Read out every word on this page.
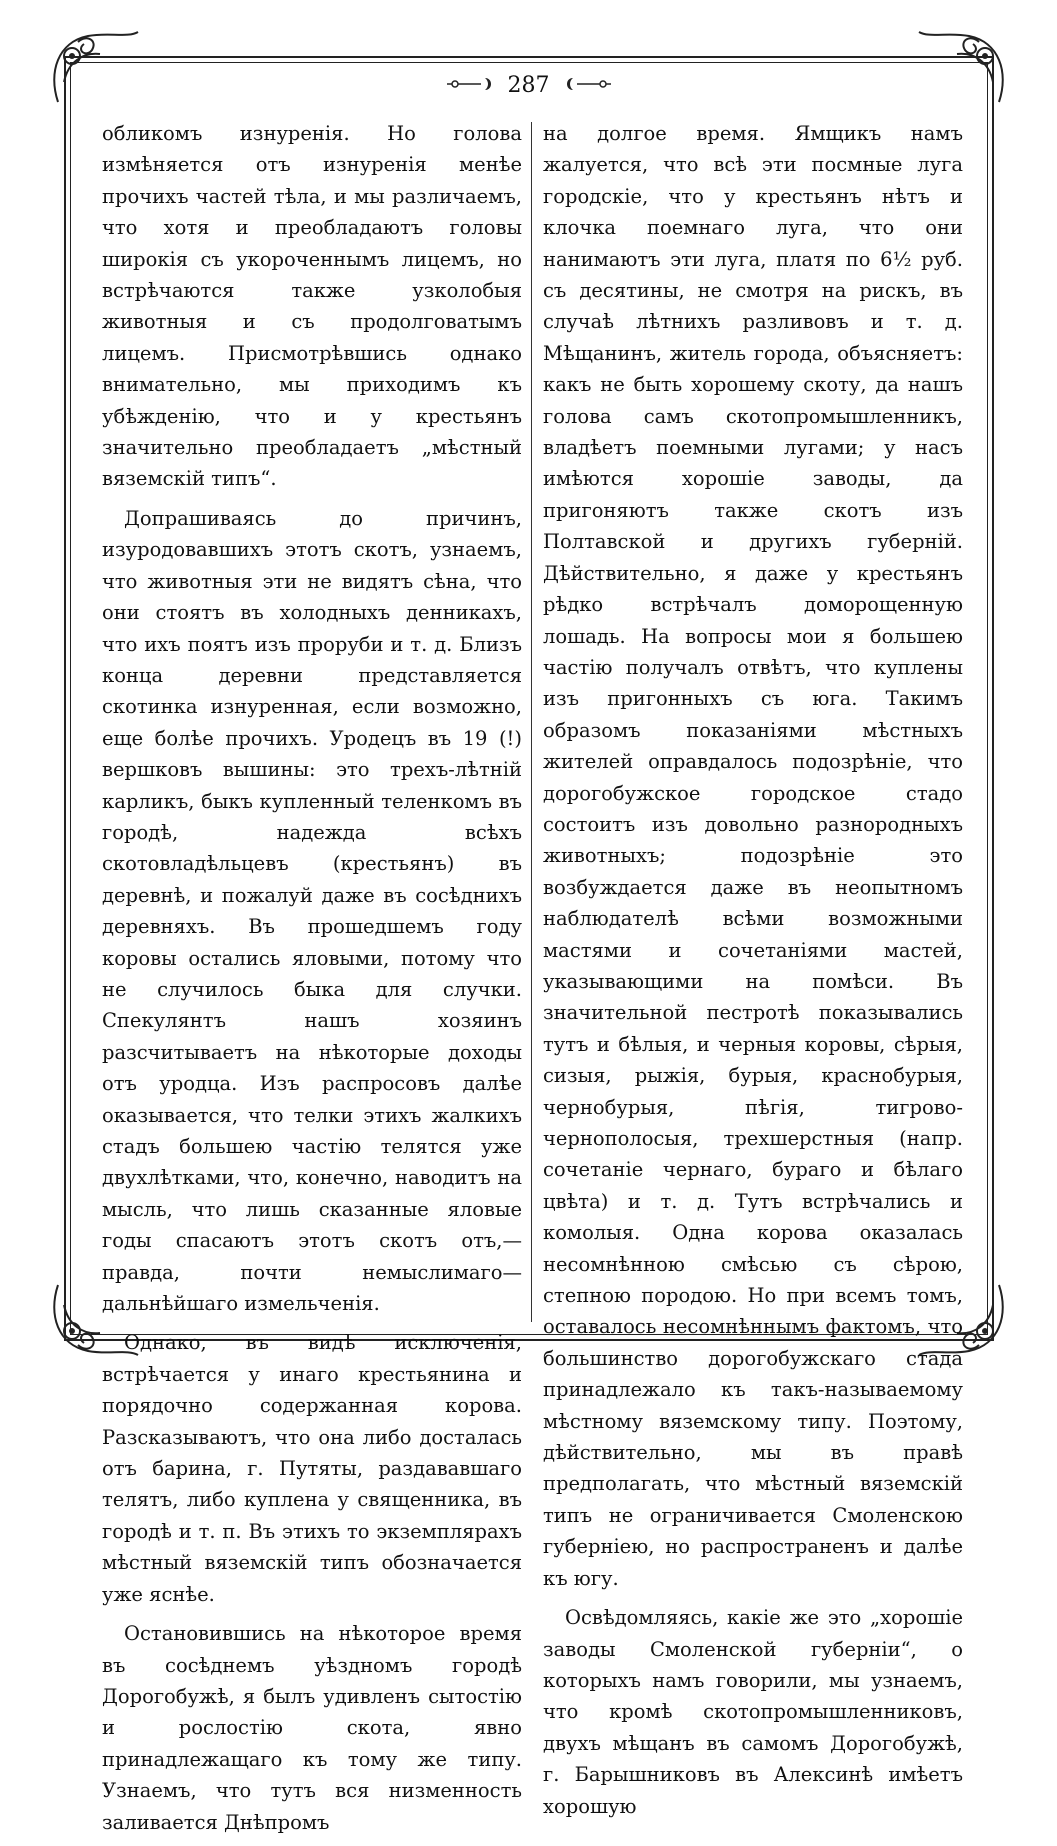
287

обликомъ изнуренія. Но голова измѣняется отъ изнуренія менѣе прочихъ частей тѣла, и мы различаемъ, что хотя и преобладаютъ головы широкія съ укороченнымъ лицемъ, но встрѣчаются также узколобыя животныя и съ продолговатымъ лицемъ. Присмотрѣвшись однако внимательно, мы приходимъ къ убѣжденію, что и у крестьянъ значительно преобладаетъ „мѣстный вяземскій типъ“.

Допрашиваясь до причинъ, изуродовавшихъ этотъ скотъ, узнаемъ, что животныя эти не видятъ сѣна, что они стоятъ въ холодныхъ денникахъ, что ихъ поятъ изъ проруби и т. д. Близъ конца деревни представляется скотинка изнуренная, если возможно, еще болѣе прочихъ. Уродецъ въ 19 (!) вершковъ вышины: это трехъ-лѣтній карликъ, быкъ купленный теленкомъ въ городѣ, надежда всѣхъ скотовладѣльцевъ (крестьянъ) въ деревнѣ, и пожалуй даже въ сосѣднихъ деревняхъ. Въ прошедшемъ году коровы остались яловыми, потому что не случилось быка для случки. Спекулянтъ нашъ хозяинъ разсчитываетъ на нѣкоторые доходы отъ уродца. Изъ распросовъ далѣе оказывается, что телки этихъ жалкихъ стадъ большею частію телятся уже двухлѣтками, что, конечно, наводитъ на мысль, что лишь сказанные яловые годы спасаютъ этотъ скотъ отъ,—правда, почти немыслимаго—дальнѣйшаго измельченія.

Однако, въ видѣ исключенія, встрѣчается у инаго крестьянина и порядочно содержанная корова. Разсказываютъ, что она либо досталась отъ барина, г. Путяты, раздававшаго телятъ, либо куплена у священника, въ городѣ и т. п. Въ этихъ то экземплярахъ мѣстный вяземскій типъ обозначается уже яснѣе.

Остановившись на нѣкоторое время въ сосѣднемъ уѣздномъ городѣ Дорогобужѣ, я былъ удивленъ сытостію и рослостію скота, явно принадлежащаго къ тому же типу. Узнаемъ, что тутъ вся низменность заливается Днѣпромъ

на долгое время. Ямщикъ намъ жалуется, что всѣ эти посмные луга городскіе, что у крестьянъ нѣтъ и клочка поемнаго луга, что они нанимаютъ эти луга, платя по 6½ руб. съ десятины, не смотря на рискъ, въ случаѣ лѣтнихъ разливовъ и т. д. Мѣщанинъ, житель города, объясняетъ: какъ не быть хорошему скоту, да нашъ голова самъ скотопромышленникъ, владѣетъ поемными лугами; у насъ имѣются хорошіе заводы, да пригоняютъ также скотъ изъ Полтавской и другихъ губерній. Дѣйствительно, я даже у крестьянъ рѣдко встрѣчалъ доморощенную лошадь. На вопросы мои я большею частію получалъ отвѣтъ, что куплены изъ пригонныхъ съ юга. Такимъ образомъ показаніями мѣстныхъ жителей оправдалось подозрѣніе, что дорогобужское городское стадо состоитъ изъ довольно разнородныхъ животныхъ; подозрѣніе это возбуждается даже въ неопытномъ наблюдателѣ всѣми возможными мастями и сочетаніями мастей, указывающими на помѣси. Въ значительной пестротѣ показывались тутъ и бѣлыя, и черныя коровы, сѣрыя, сизыя, рыжія, бурыя, краснобурыя, чернобурыя, пѣгія, тигрово-чернополосыя, трехшерстныя (напр. сочетаніе чернаго, бураго и бѣлаго цвѣта) и т. д. Тутъ встрѣчались и комолыя. Одна корова оказалась несомнѣнною смѣсью съ сѣрою, степною породою. Но при всемъ томъ, оставалось несомнѣннымъ фактомъ, что большинство дорогобужскаго стада принадлежало къ такъ-называемому мѣстному вяземскому типу. Поэтому, дѣйствительно, мы въ правѣ предполагать, что мѣстный вяземскій типъ не ограничивается Смоленскою губерніею, но распространенъ и далѣе къ югу.

Освѣдомляясь, какіе же это „хорошіе заводы Смоленской губерніи“, о которыхъ намъ говорили, мы узнаемъ, что кромѣ скотопромышленниковъ, двухъ мѣщанъ въ самомъ Дорогобужѣ, г. Барышниковъ въ Алексинѣ имѣетъ хорошую
